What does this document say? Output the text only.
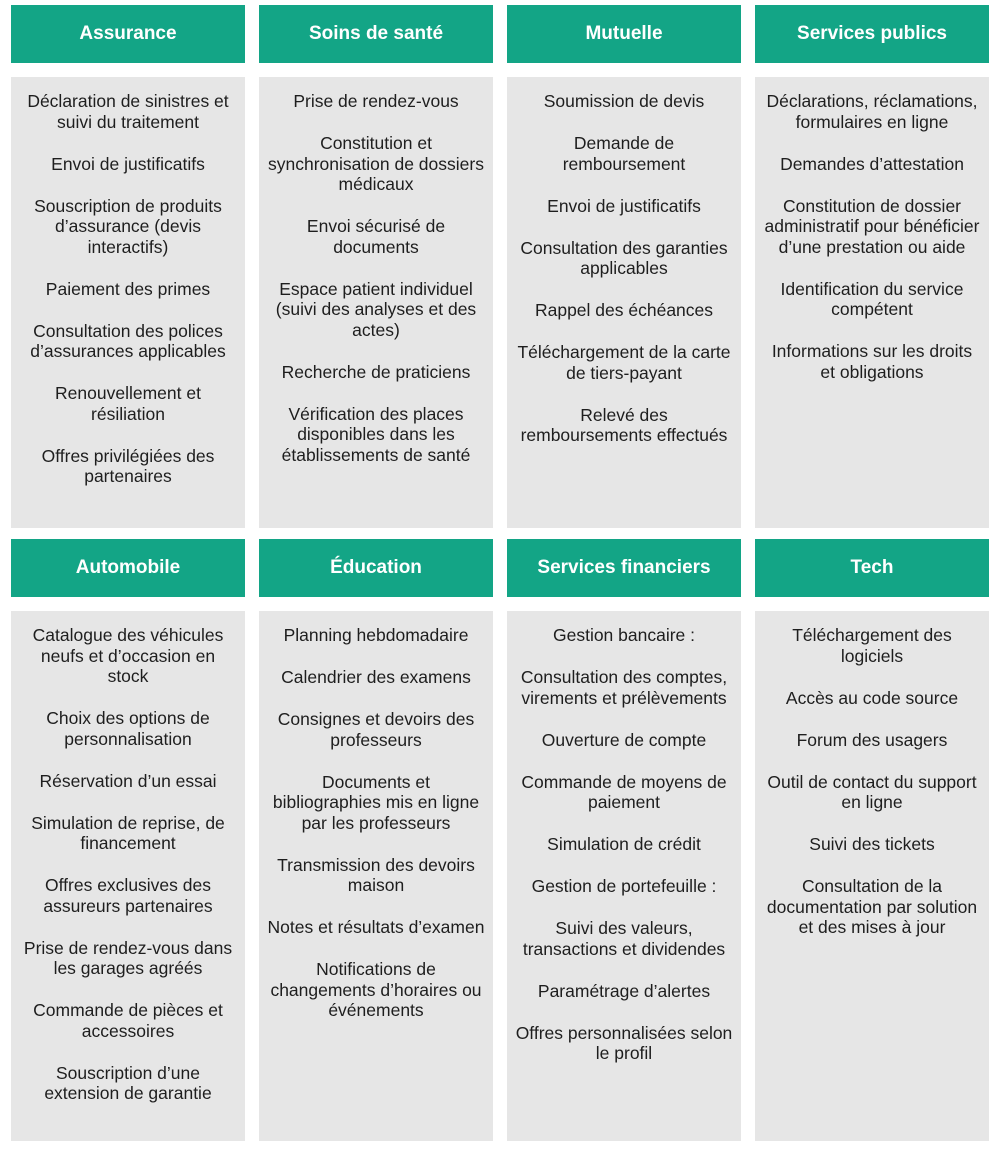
Assurance
Déclaration de sinistres et suivi du traitement
Envoi de justificatifs
Souscription de produits d’assurance (devis interactifs)
Paiement des primes
Consultation des polices d’assurances applicables
Renouvellement et résiliation
Offres privilégiées des partenaires
Soins de santé
Prise de rendez-vous
Constitution et synchronisation de dossiers médicaux
Envoi sécurisé de documents
Espace patient individuel (suivi des analyses et des actes)
Recherche de praticiens
Vérification des places disponibles dans les établissements de santé
Mutuelle
Soumission de devis
Demande de remboursement
Envoi de justificatifs
Consultation des garanties applicables
Rappel des échéances
Téléchargement de la carte de tiers-payant
Relevé des remboursements effectués
Services publics
Déclarations, réclamations, formulaires en ligne
Demandes d’attestation
Constitution de dossier administratif pour bénéficier d’une prestation ou aide
Identification du service compétent
Informations sur les droits et obligations
Automobile
Catalogue des véhicules neufs et d’occasion en stock
Choix des options de personnalisation
Réservation d’un essai
Simulation de reprise, de financement
Offres exclusives des assureurs partenaires
Prise de rendez-vous dans les garages agréés
Commande de pièces et accessoires
Souscription d’une extension de garantie
Éducation
Planning hebdomadaire
Calendrier des examens
Consignes et devoirs des professeurs
Documents et bibliographies mis en ligne par les professeurs
Transmission des devoirs maison
Notes et résultats d’examen
Notifications de changements d’horaires ou événements
Services financiers
Gestion bancaire :
Consultation des comptes, virements et prélèvements
Ouverture de compte
Commande de moyens de paiement
Simulation de crédit
Gestion de portefeuille :
Suivi des valeurs, transactions et dividendes
Paramétrage d’alertes
Offres personnalisées selon le profil
Tech
Téléchargement des logiciels
Accès au code source
Forum des usagers
Outil de contact du support en ligne
Suivi des tickets
Consultation de la documentation par solution et des mises à jour
